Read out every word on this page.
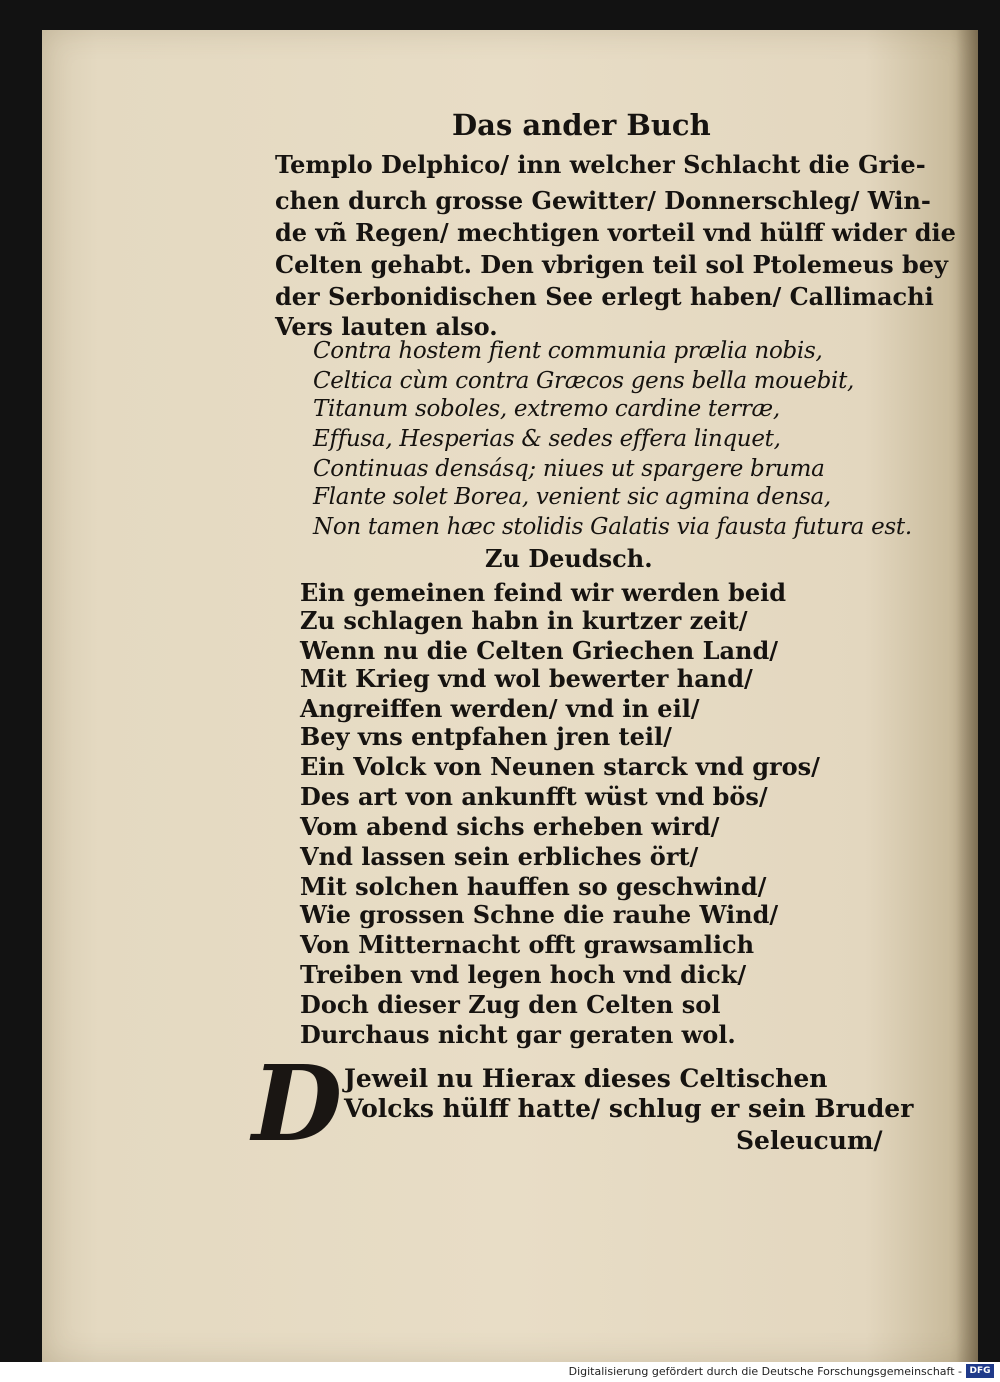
Das ander Buch
Templo Delphico/ inn welcher Schlacht die Grie-
chen durch grosse Gewitter/ Donnerschleg/ Win-
de vñ Regen/ mechtigen vorteil vnd hülff wider die
Celten gehabt. Den vbrigen teil sol Ptolemeus bey
der Serbonidischen See erlegt haben/ Callimachi
Vers lauten also.
Contra hostem fient communia prælia nobis,
Celtica cùm contra Græcos gens bella mouebit,
Titanum soboles, extremo cardine terræ,
Effusa, Hesperias & sedes effera linquet,
Continuas densásq; niues ut spargere bruma
Flante solet Borea, venient sic agmina densa,
Non tamen hæc stolidis Galatis via fausta futura est.
Zu Deudsch.
Ein gemeinen feind wir werden beid
Zu schlagen habn in kurtzer zeit/
Wenn nu die Celten Griechen Land/
Mit Krieg vnd wol bewerter hand/
Angreiffen werden/ vnd in eil/
Bey vns entpfahen jren teil/
Ein Volck von Neunen starck vnd gros/
Des art von ankunfft wüst vnd bös/
Vom abend sichs erheben wird/
Vnd lassen sein erbliches ört/
Mit solchen hauffen so geschwind/
Wie grossen Schne die rauhe Wind/
Von Mitternacht offt grawsamlich
Treiben vnd legen hoch vnd dick/
Doch dieser Zug den Celten sol
Durchaus nicht gar geraten wol.
D Jeweil nu Hierax dieses Celtischen
Volcks hülff hatte/ schlug er sein Bruder
Seleucum/
Digitalisierung gefördert durch die Deutsche Forschungsgemeinschaft - DFG
